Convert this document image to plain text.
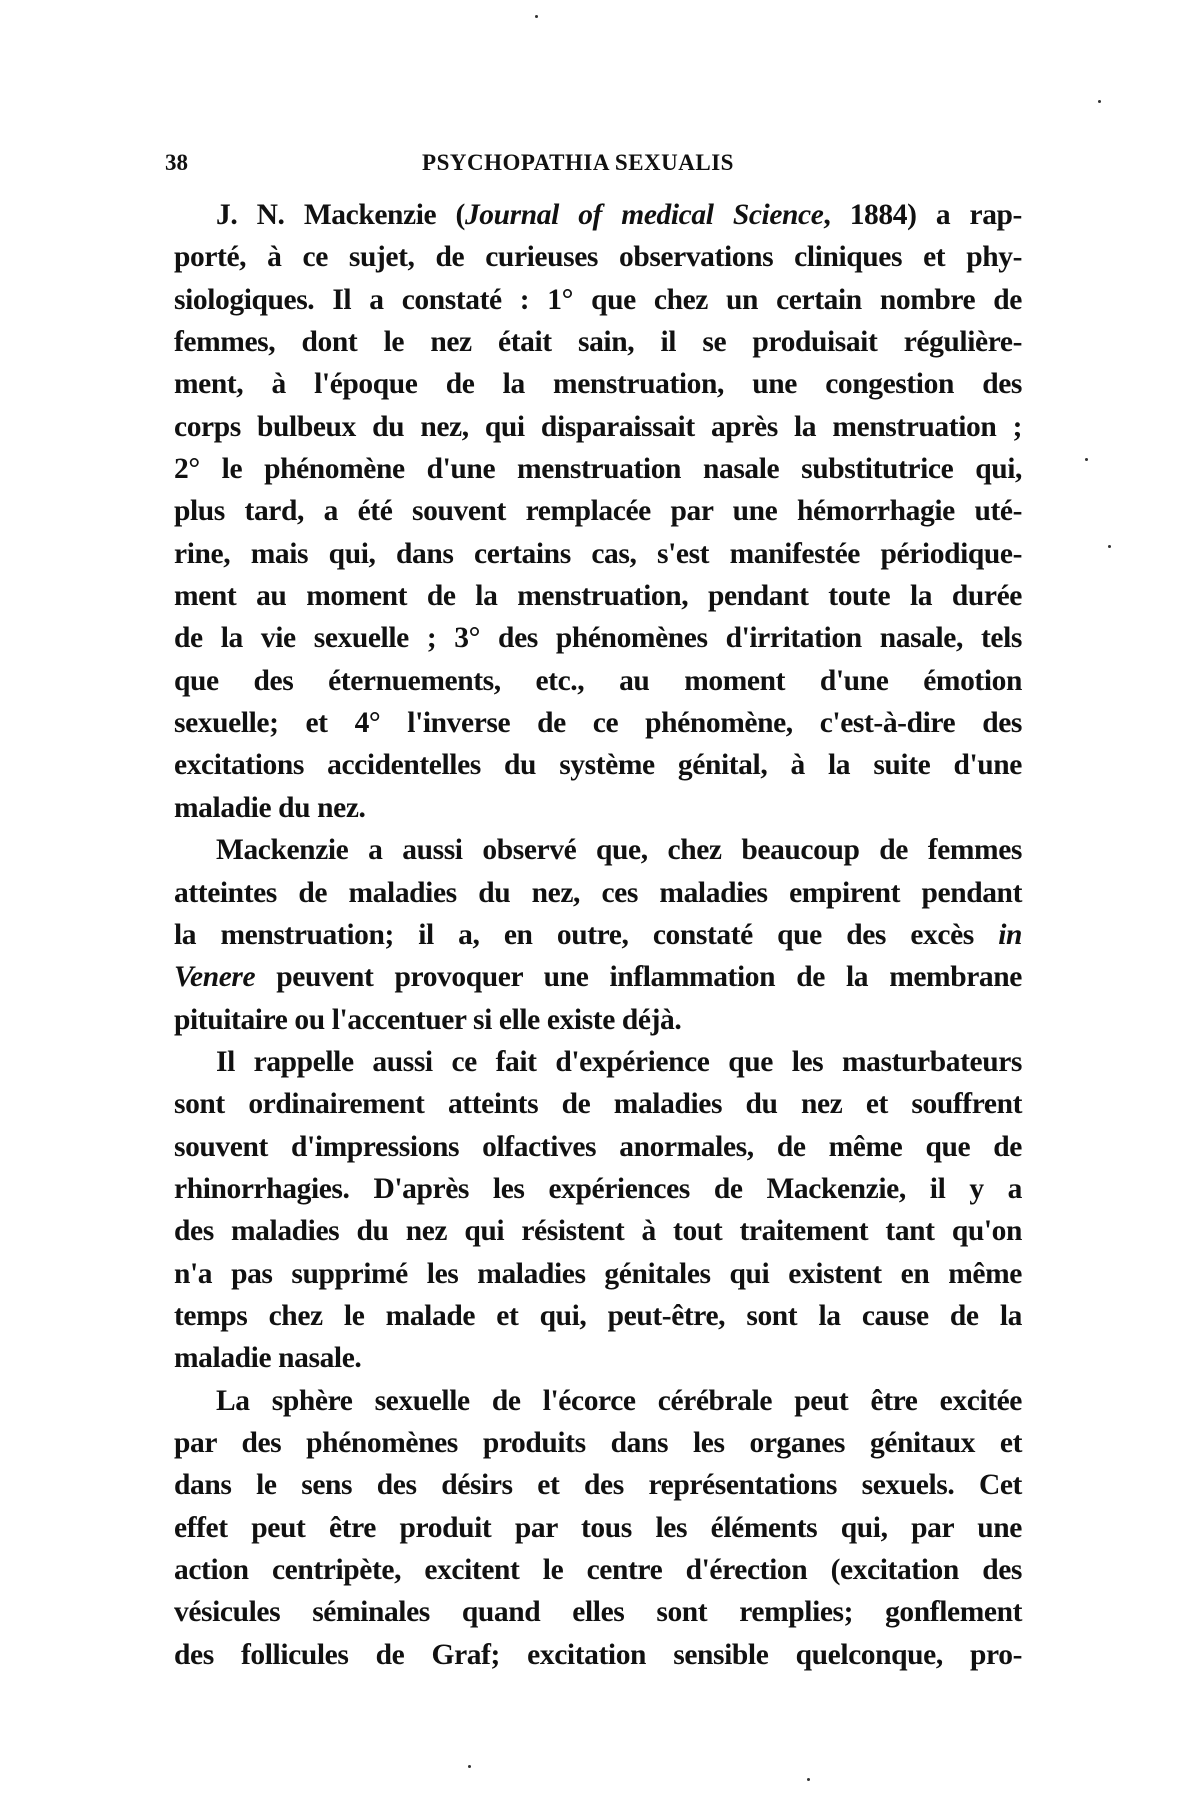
38	PSYCHOPATHIA SEXUALIS
J. N. Mackenzie (Journal of medical Science, 1884) a rap-
porté, à ce sujet, de curieuses observations cliniques et phy-
siologiques. Il a constaté : 1° que chez un certain nombre de
femmes, dont le nez était sain, il se produisait régulière-
ment, à l'époque de la menstruation, une congestion des
corps bulbeux du nez, qui disparaissait après la menstruation ;
2° le phénomène d'une menstruation nasale substitutrice qui,
plus tard, a été souvent remplacée par une hémorrhagie uté-
rine, mais qui, dans certains cas, s'est manifestée périodique-
ment au moment de la menstruation, pendant toute la durée
de la vie sexuelle ; 3° des phénomènes d'irritation nasale, tels
que des éternuements, etc., au moment d'une émotion
sexuelle; et 4° l'inverse de ce phénomène, c'est-à-dire des
excitations accidentelles du système génital, à la suite d'une
maladie du nez.
Mackenzie a aussi observé que, chez beaucoup de femmes
atteintes de maladies du nez, ces maladies empirent pendant
la menstruation; il a, en outre, constaté que des excès in
Venere peuvent provoquer une inflammation de la membrane
pituitaire ou l'accentuer si elle existe déjà.
Il rappelle aussi ce fait d'expérience que les masturbateurs
sont ordinairement atteints de maladies du nez et souffrent
souvent d'impressions olfactives anormales, de même que de
rhinorrhagies. D'après les expériences de Mackenzie, il y a
des maladies du nez qui résistent à tout traitement tant qu'on
n'a pas supprimé les maladies génitales qui existent en même
temps chez le malade et qui, peut-être, sont la cause de la
maladie nasale.
La sphère sexuelle de l'écorce cérébrale peut être excitée
par des phénomènes produits dans les organes génitaux et
dans le sens des désirs et des représentations sexuels. Cet
effet peut être produit par tous les éléments qui, par une
action centripète, excitent le centre d'érection (excitation des
vésicules séminales quand elles sont remplies; gonflement
des follicules de Graf; excitation sensible quelconque, pro-
